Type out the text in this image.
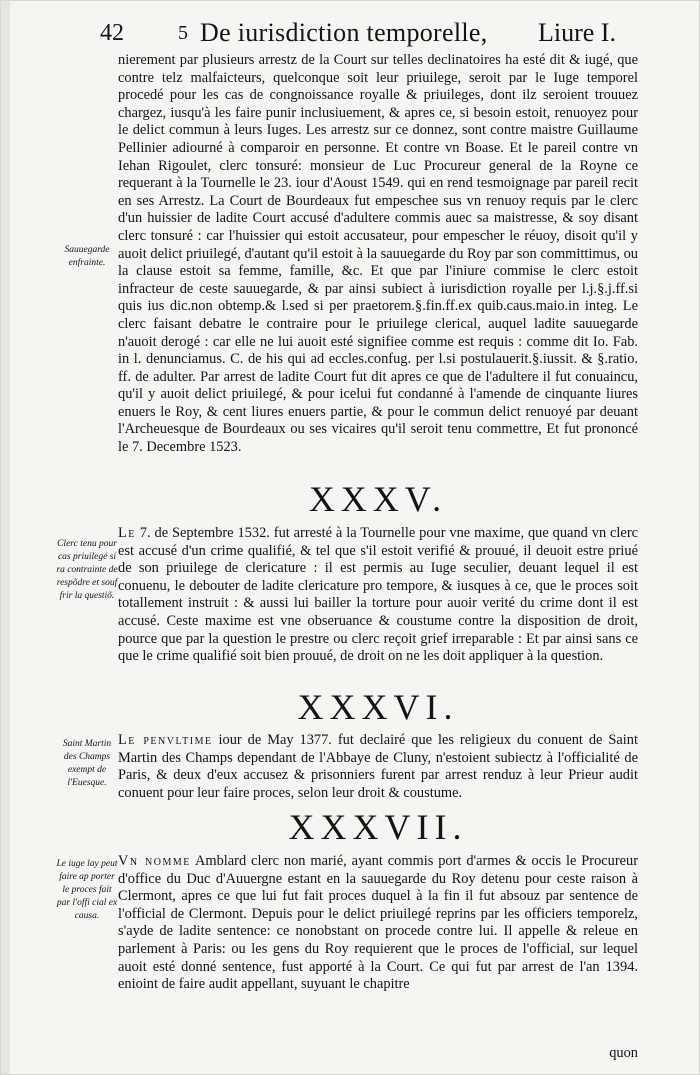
42	5 De iurisdiction temporelle, Liure I.
Sauuegarde enfrainte.
Clerc tenu pour cas priuilegé si ra contrainte de respõdre et souf frir la questiõ.
Saint Martin des Champs exempt de l'Euesque.
Le iuge lay peut faire ap porter le proces fait par l'offi cial ex causa.

nierement par plusieurs arrestz de la Court sur telles declinatoires ha esté dit & iugé, que contre telz malfaicteurs, quelconque soit leur priuilege, seroit par le Iuge temporel procedé pour les cas de congnoissance royalle & priuileges, dont ilz seroient trouuez chargez, iusqu'à les faire punir inclusiuement, & apres ce, si besoin estoit, renuoyez pour le delict commun à leurs Iuges. Les arrestz sur ce donnez, sont contre maistre Guillaume Pellinier adiourné à comparoir en personne. Et contre vn Boase. Et le pareil contre vn Iehan Rigoulet, clerc tonsuré: monsieur de Luc Procureur general de la Royne ce requerant à la Tournelle le 23. iour d'Aoust 1549. qui en rend tesmoignage par pareil recit en ses Arrestz. La Court de Bourdeaux fut empeschee sus vn renuoy requis par le clerc d'un huissier de ladite Court accusé d'adultere commis auec sa maistresse, & soy disant clerc tonsuré : car l'huissier qui estoit accusateur, pour empescher le réuoy, disoit qu'il y auoit delict priuilegé, d'autant qu'il estoit à la sauuegarde du Roy par son committimus, ou la clause estoit sa femme, famille, &c. Et que par l'iniure commise le clerc estoit infracteur de ceste sauuegarde, & par ainsi subiect à iurisdiction royalle per l.j.§.j.ff.si quis ius dic.non obtemp.& l.sed si per praetorem.§.fin.ff.ex quib.caus.maio.in integ. Le clerc faisant debatre le contraire pour le priuilege clerical, auquel ladite sauuegarde n'auoit derogé : car elle ne lui auoit esté signifiee comme est requis : comme dit Io. Fab. in l. denunciamus. C. de his qui ad eccles.confug. per l.si postulauerit.§.iussit. & §.ratio. ff. de adulter. Par arrest de ladite Court fut dit apres ce que de l'adultere il fut conuaincu, qu'il y auoit delict priuilegé, & pour icelui fut condanné à l'amende de cinquante liures enuers le Roy, & cent liures enuers partie, & pour le commun delict renuoyé par deuant l'Archeuesque de Bourdeaux ou ses vicaires qu'il seroit tenu commettre, Et fut prononcé le 7. Decembre 1523.

XXXV.

Le 7. de Septembre 1532. fut arresté à la Tournelle pour vne maxime, que quand vn clerc est accusé d'un crime qualifié, & tel que s'il estoit verifié & prouué, il deuoit estre priué de son priuilege de clericature : il est permis au Iuge seculier, deuant lequel il est conuenu, le debouter de ladite clericature pro tempore, & iusques à ce, que le proces soit totallement instruit : & aussi lui bailler la torture pour auoir verité du crime dont il est accusé. Ceste maxime est vne obseruance & coustume contre la disposition de droit, pource que par la question le prestre ou clerc reçoit grief irreparable : Et par ainsi sans ce que le crime qualifié soit bien prouué, de droit on ne les doit appliquer à la question.

XXXVI.

Le penvltime iour de May 1377. fut declairé que les religieux du conuent de Saint Martin des Champs dependant de l'Abbaye de Cluny, n'estoient subiectz à l'officialité de Paris, & deux d'eux accusez & prisonniers furent par arrest renduz à leur Prieur audit conuent pour leur faire proces, selon leur droit & coustume.

XXXVII.

Vn nomme Amblard clerc non marié, ayant commis port d'armes & occis le Procureur d'office du Duc d'Auuergne estant en la sauuegarde du Roy detenu pour ceste raison à Clermont, apres ce que lui fut fait proces duquel à la fin il fut absouz par sentence de l'official de Clermont. Depuis pour le delict priuilegé reprins par les officiers temporelz, s'ayde de ladite sentence: ce nonobstant on procede contre lui. Il appelle & releue en parlement à Paris: ou les gens du Roy requierent que le proces de l'official, sur lequel auoit esté donné sentence, fust apporté à la Court. Ce qui fut par arrest de l'an 1394. enioint de faire audit appellant, suyuant le chapitre

quon
